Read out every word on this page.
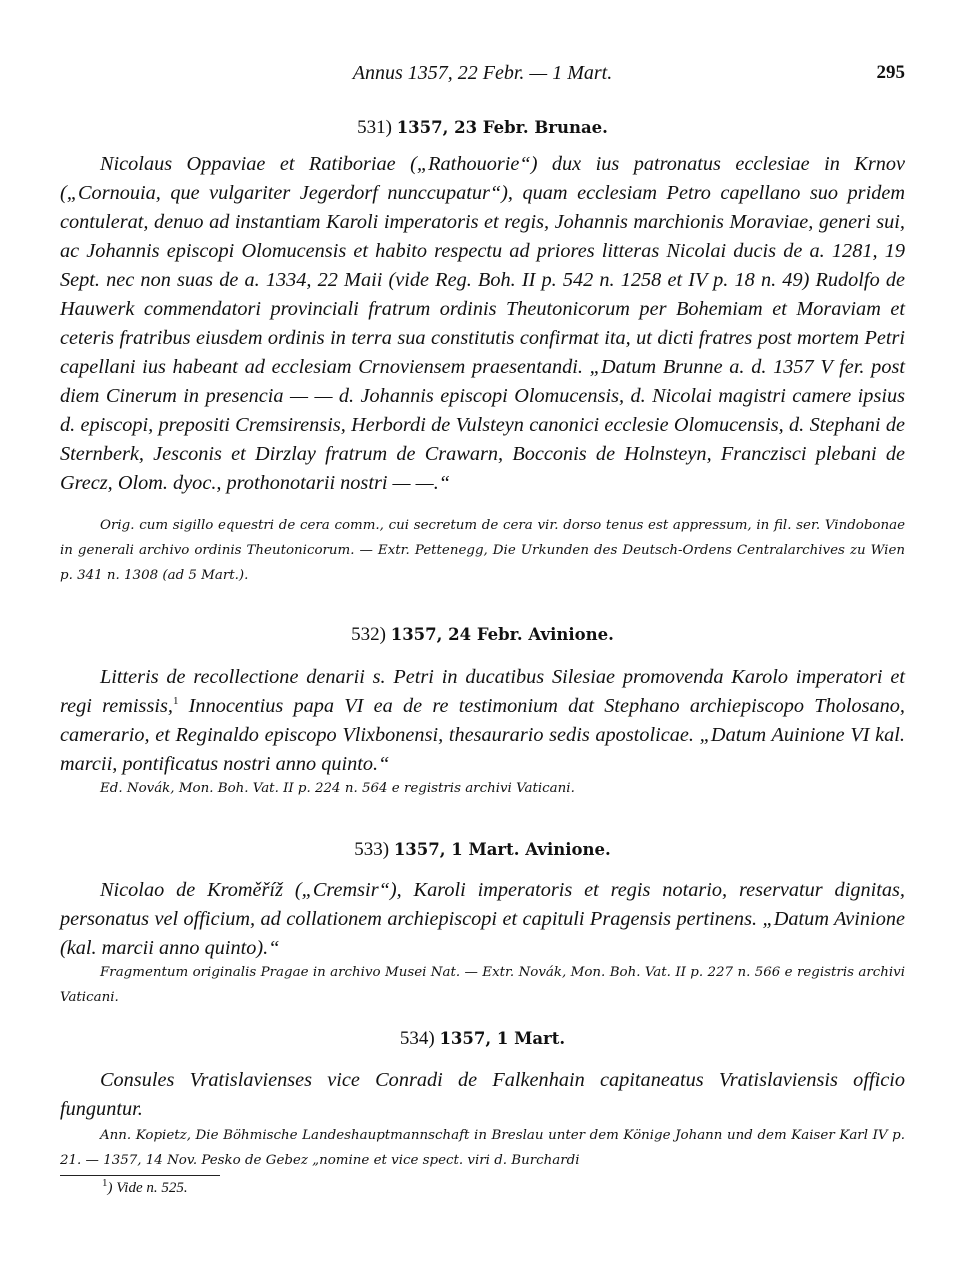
Annus 1357, 22 Febr. — 1 Mart.	295
531) 1357, 23 Febr. Brunae.

Nicolaus Oppaviae et Ratiboriae („Rathouorie“) dux ius patronatus ecclesiae in Krnov („Cornouia, que vulgariter Jegerdorf nunccupatur“), quam ecclesiam Petro capellano suo pridem contulerat, denuo ad instantiam Karoli imperatoris et regis, Johannis marchionis Moraviae, generi sui, ac Johannis episcopi Olomucensis et habito respectu ad priores litteras Nicolai ducis de a. 1281, 19 Sept. nec non suas de a. 1334, 22 Maii (vide Reg. Boh. II p. 542 n. 1258 et IV p. 18 n. 49) Rudolfo de Hauwerk commendatori provinciali fratrum ordinis Theutonicorum per Bohemiam et Moraviam et ceteris fratribus eiusdem ordinis in terra sua constitutis confirmat ita, ut dicti fratres post mortem Petri capellani ius habeant ad ecclesiam Crnoviensem praesentandi. „Datum Brunne a. d. 1357 V fer. post diem Cinerum in presencia — — d. Johannis episcopi Olomucensis, d. Nicolai magistri camere ipsius d. episcopi, prepositi Cremsirensis, Herbordi de Vulsteyn canonici ecclesie Olomucensis, d. Stephani de Sternberk, Jesconis et Dirzlay fratrum de Crawarn, Bocconis de Holnsteyn, Franczisci plebani de Grecz, Olom. dyoc., prothonotarii nostri — —.“

Orig. cum sigillo equestri de cera comm., cui secretum de cera vir. dorso tenus est appressum, in fil. ser. Vindobonae in generali archivo ordinis Theutonicorum. — Extr. Pettenegg, Die Urkunden des Deutsch-Ordens Centralarchives zu Wien p. 341 n. 1308 (ad 5 Mart.).

532) 1357, 24 Febr. Avinione.

Litteris de recollectione denarii s. Petri in ducatibus Silesiae promovenda Karolo imperatori et regi remissis,$^1$ Innocentius papa VI ea de re testimonium dat Stephano archiepiscopo Tholosano, camerario, et Reginaldo episcopo Vlixbonensi, thesaurario sedis apostolicae. „Datum Auinione VI kal. marcii, pontificatus nostri anno quinto.“

Ed. Novák, Mon. Boh. Vat. II p. 224 n. 564 e registris archivi Vaticani.

533) 1357, 1 Mart. Avinione.

Nicolao de Kroměříž („Cremsir“), Karoli imperatoris et regis notario, reservatur dignitas, personatus vel officium, ad collationem archiepiscopi et capituli Pragensis pertinens. „Datum Avinione (kal. marcii anno quinto).“

Fragmentum originalis Pragae in archivo Musei Nat. — Extr. Novák, Mon. Boh. Vat. II p. 227 n. 566 e registris archivi Vaticani.

534) 1357, 1 Mart.

Consules Vratislavienses vice Conradi de Falkenhain capitaneatus Vratislaviensis officio funguntur.

Ann. Kopietz, Die Böhmische Landeshauptmannschaft in Breslau unter dem Könige Johann und dem Kaiser Karl IV p. 21. — 1357, 14 Nov. Pesko de Gebez „nomine et vice spect. viri d. Burchardi

$^1$) Vide n. 525.
